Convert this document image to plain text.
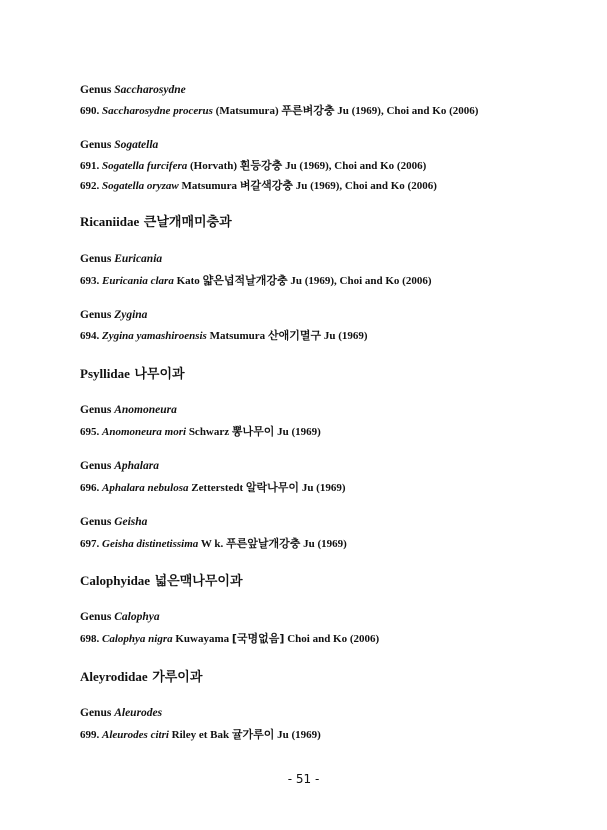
Genus Saccharosydne
690. Saccharosydne procerus (Matsumura) 푸른벼강충 Ju (1969), Choi and Ko (2006)
Genus Sogatella
691. Sogatella furcifera (Horvath) 흰등강충 Ju (1969), Choi and Ko (2006)
692. Sogatella oryzaw Matsumura 벼갈색강충 Ju (1969), Choi and Ko (2006)
Ricaniidae 큰날개매미충과
Genus Euricania
693. Euricania clara Kato 얇은넙적날개강충 Ju (1969), Choi and Ko (2006)
Genus Zygina
694. Zygina yamashiroensis Matsumura 산애기멸구 Ju (1969)
Psyllidae 나무이과
Genus Anomoneura
695. Anomoneura mori Schwarz 뽕나무이 Ju (1969)
Genus Aphalara
696. Aphalara nebulosa Zetterstedt 알락나무이 Ju (1969)
Genus Geisha
697. Geisha distinetissima W k. 푸른앞날개강충 Ju (1969)
Calophyidae 넓은맥나무이과
Genus Calophya
698. Calophya nigra Kuwayama [국명없음] Choi and Ko (2006)
Aleyrodidae 가루이과
Genus Aleurodes
699. Aleurodes citri Riley et Bak 귤가루이 Ju (1969)
- 51 -
